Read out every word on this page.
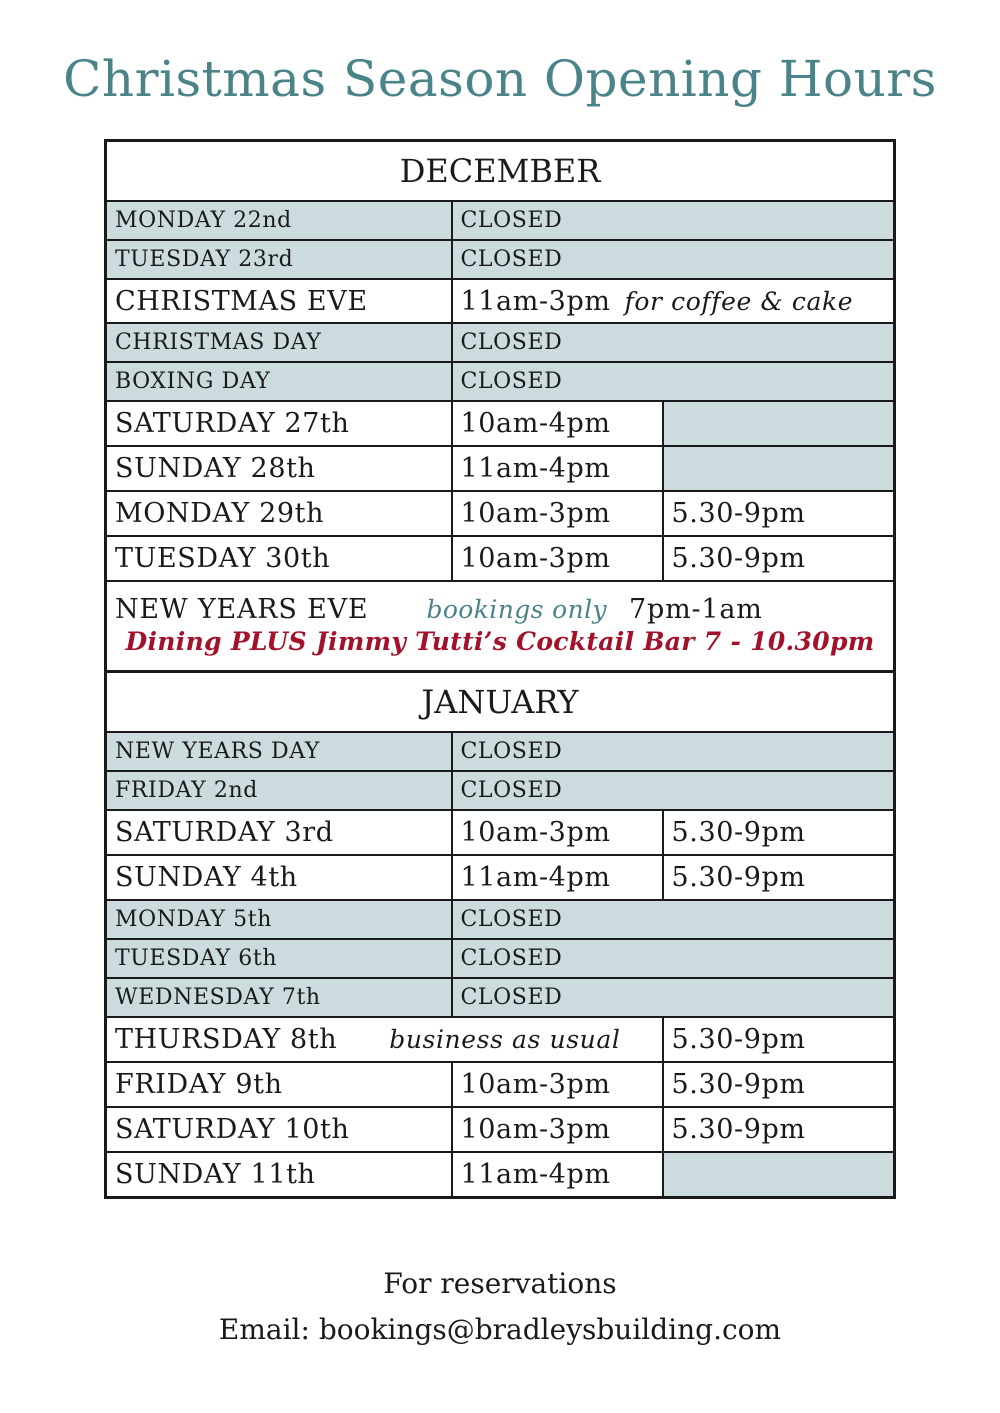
Christmas Season Opening Hours
DECEMBER		
MONDAY 22nd	CLOSED	
TUESDAY 23rd	CLOSED	
CHRISTMAS EVE	11am-3pm for coffee & cake	
CHRISTMAS DAY	CLOSED	
BOXING DAY	CLOSED	
SATURDAY 27th	10am-4pm	
SUNDAY 28th	11am-4pm	
MONDAY 29th	10am-3pm	5.30-9pm
TUESDAY 30th	10am-3pm	5.30-9pm

NEW YEARS EVE bookings only 7pm-1am
Dining PLUS Jimmy Tutti’s Cocktail Bar 7 - 10.30pm		

JANUARY		
NEW YEARS DAY	CLOSED	
FRIDAY 2nd	CLOSED	
SATURDAY 3rd	10am-3pm	5.30-9pm
SUNDAY 4th	11am-4pm	5.30-9pm
MONDAY 5th	CLOSED	
TUESDAY 6th	CLOSED	
WEDNESDAY 7th	CLOSED	
THURSDAY 8th business as usual		5.30-9pm
FRIDAY 9th	10am-3pm	5.30-9pm
SATURDAY 10th	10am-3pm	5.30-9pm
SUNDAY 11th	11am-4pm	
For reservations
Email: bookings@bradleysbuilding.com
